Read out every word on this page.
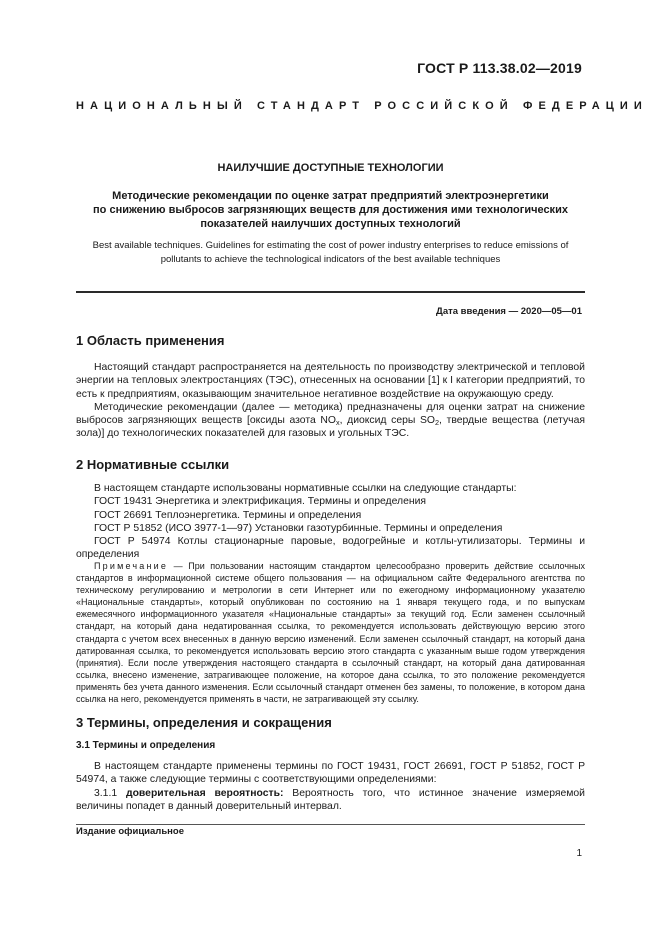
ГОСТ Р 113.38.02—2019
НАЦИОНАЛЬНЫЙ СТАНДАРТ РОССИЙСКОЙ ФЕДЕРАЦИИ
НАИЛУЧШИЕ ДОСТУПНЫЕ ТЕХНОЛОГИИ
Методические рекомендации по оценке затрат предприятий электроэнергетики
по снижению выбросов загрязняющих веществ для достижения ими технологических
показателей наилучших доступных технологий
Best available techniques. Guidelines for estimating the cost of power industry enterprises to reduce emissions of
pollutants to achieve the technological indicators of the best available techniques
Дата введения — 2020—05—01
1 Область применения

Настоящий стандарт распространяется на деятельность по производству электрической и тепловой энергии на тепловых электростанциях (ТЭС), отнесенных на основании [1] к I категории предприятий, то есть к предприятиям, оказывающим значительное негативное воздействие на окружающую среду.

Методические рекомендации (далее — методика) предназначены для оценки затрат на снижение выбросов загрязняющих веществ [оксиды азота $NO_x$, диоксид серы $SO_2$, твердые вещества (летучая зола)] до технологических показателей для газовых и угольных ТЭС.

2 Нормативные ссылки

В настоящем стандарте использованы нормативные ссылки на следующие стандарты:

ГОСТ 19431 Энергетика и электрификация. Термины и определения

ГОСТ 26691 Теплоэнергетика. Термины и определения

ГОСТ Р 51852 (ИСО 3977-1—97) Установки газотурбинные. Термины и определения

ГОСТ Р 54974 Котлы стационарные паровые, водогрейные и котлы-утилизаторы. Термины и определения

Примечание — При пользовании настоящим стандартом целесообразно проверить действие ссылочных стандартов в информационной системе общего пользования — на официальном сайте Федерального агентства по техническому регулированию и метрологии в сети Интернет или по ежегодному информационному указателю «Национальные стандарты», который опубликован по состоянию на 1 января текущего года, и по выпускам ежемесячного информационного указателя «Национальные стандарты» за текущий год. Если заменен ссылочный стандарт, на который дана недатированная ссылка, то рекомендуется использовать действующую версию этого стандарта с учетом всех внесенных в данную версию изменений. Если заменен ссылочный стандарт, на который дана датированная ссылка, то рекомендуется использовать версию этого стандарта с указанным выше годом утверждения (принятия). Если после утверждения настоящего стандарта в ссылочный стандарт, на который дана датированная ссылка, внесено изменение, затрагивающее положение, на которое дана ссылка, то это положение рекомендуется применять без учета данного изменения. Если ссылочный стандарт отменен без замены, то положение, в котором дана ссылка на него, рекомендуется применять в части, не затрагивающей эту ссылку.
3 Термины, определения и сокращения
3.1 Термины и определения

В настоящем стандарте применены термины по ГОСТ 19431, ГОСТ 26691, ГОСТ Р 51852, ГОСТ Р 54974, а также следующие термины с соответствующими определениями:

3.1.1 доверительная вероятность: Вероятность того, что истинное значение измеряемой величины попадет в данный доверительный интервал.

Издание официальное
1
